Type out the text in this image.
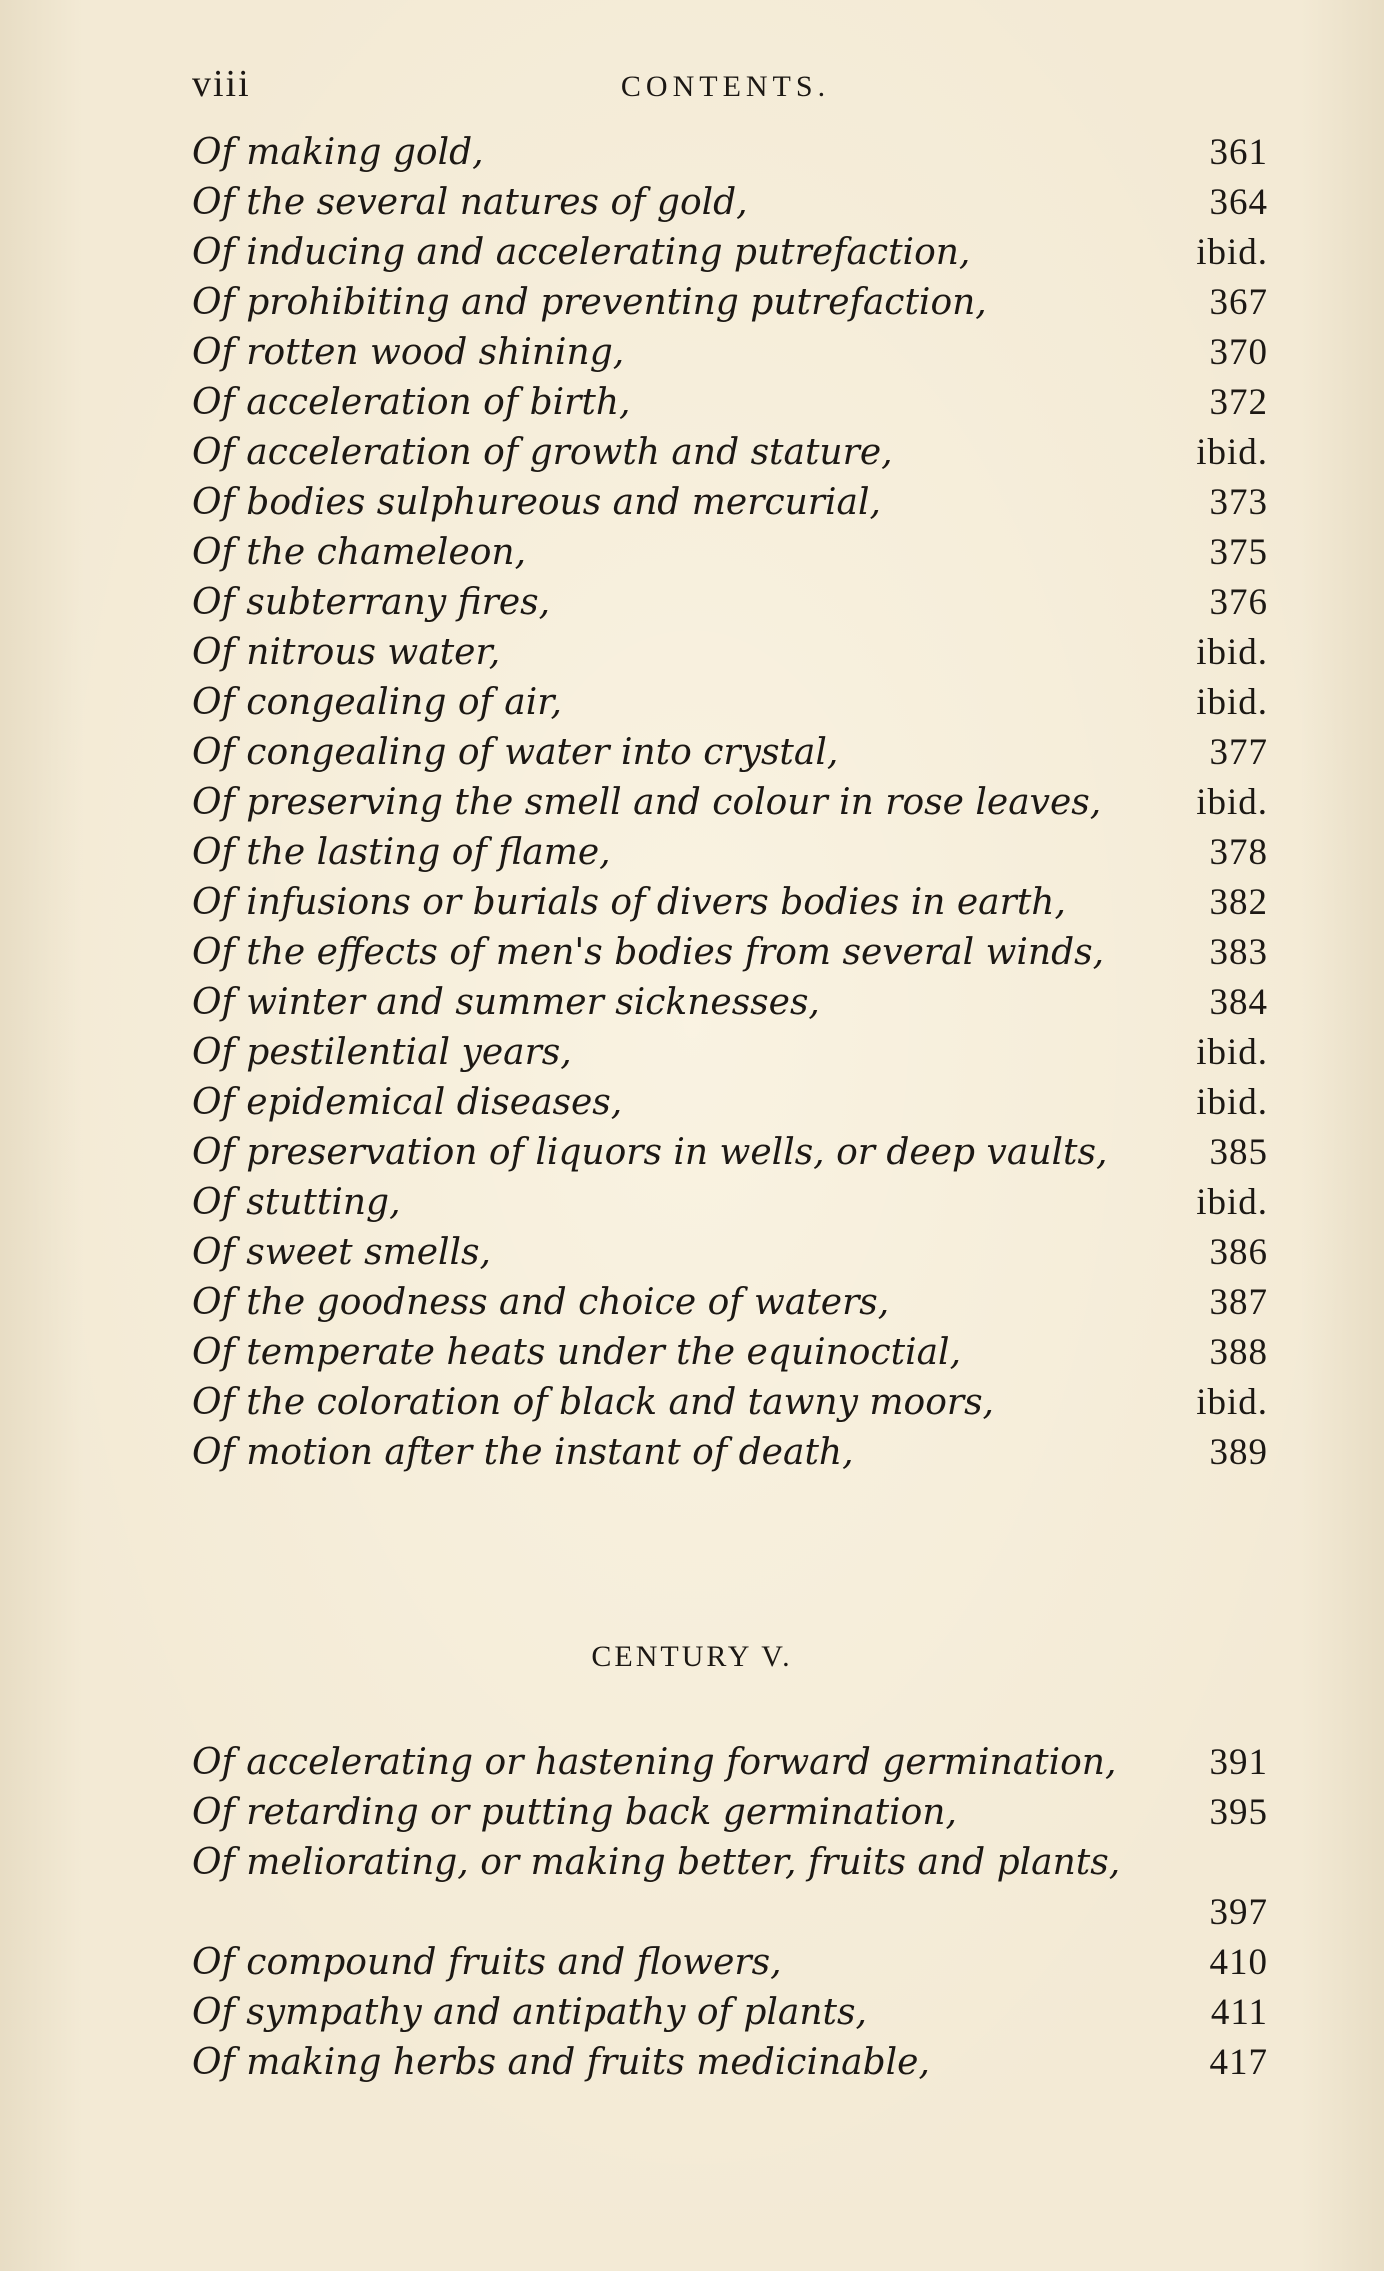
viii	CONTENTS.
Of making gold,	361
Of the several natures of gold,	364
Of inducing and accelerating putrefaction,	ibid.
Of prohibiting and preventing putrefaction,	367
Of rotten wood shining,	370
Of acceleration of birth,	372
Of acceleration of growth and stature,	ibid.
Of bodies sulphureous and mercurial,	373
Of the chameleon,	375
Of subterrany fires,	376
Of nitrous water,	ibid.
Of congealing of air,	ibid.
Of congealing of water into crystal,	377
Of preserving the smell and colour in rose leaves,	ibid.
Of the lasting of flame,	378
Of infusions or burials of divers bodies in earth,	382
Of the effects of men's bodies from several winds,	383
Of winter and summer sicknesses,	384
Of pestilential years,	ibid.
Of epidemical diseases,	ibid.
Of preservation of liquors in wells, or deep vaults,	385
Of stutting,	ibid.
Of sweet smells,	386
Of the goodness and choice of waters,	387
Of temperate heats under the equinoctial,	388
Of the coloration of black and tawny moors,	ibid.
Of motion after the instant of death,	389
CENTURY V.
Of accelerating or hastening forward germination,	391
Of retarding or putting back germination,	395
Of meliorating, or making better, fruits and plants,
397
Of compound fruits and flowers,	410
Of sympathy and antipathy of plants,	411
Of making herbs and fruits medicinable,	417
